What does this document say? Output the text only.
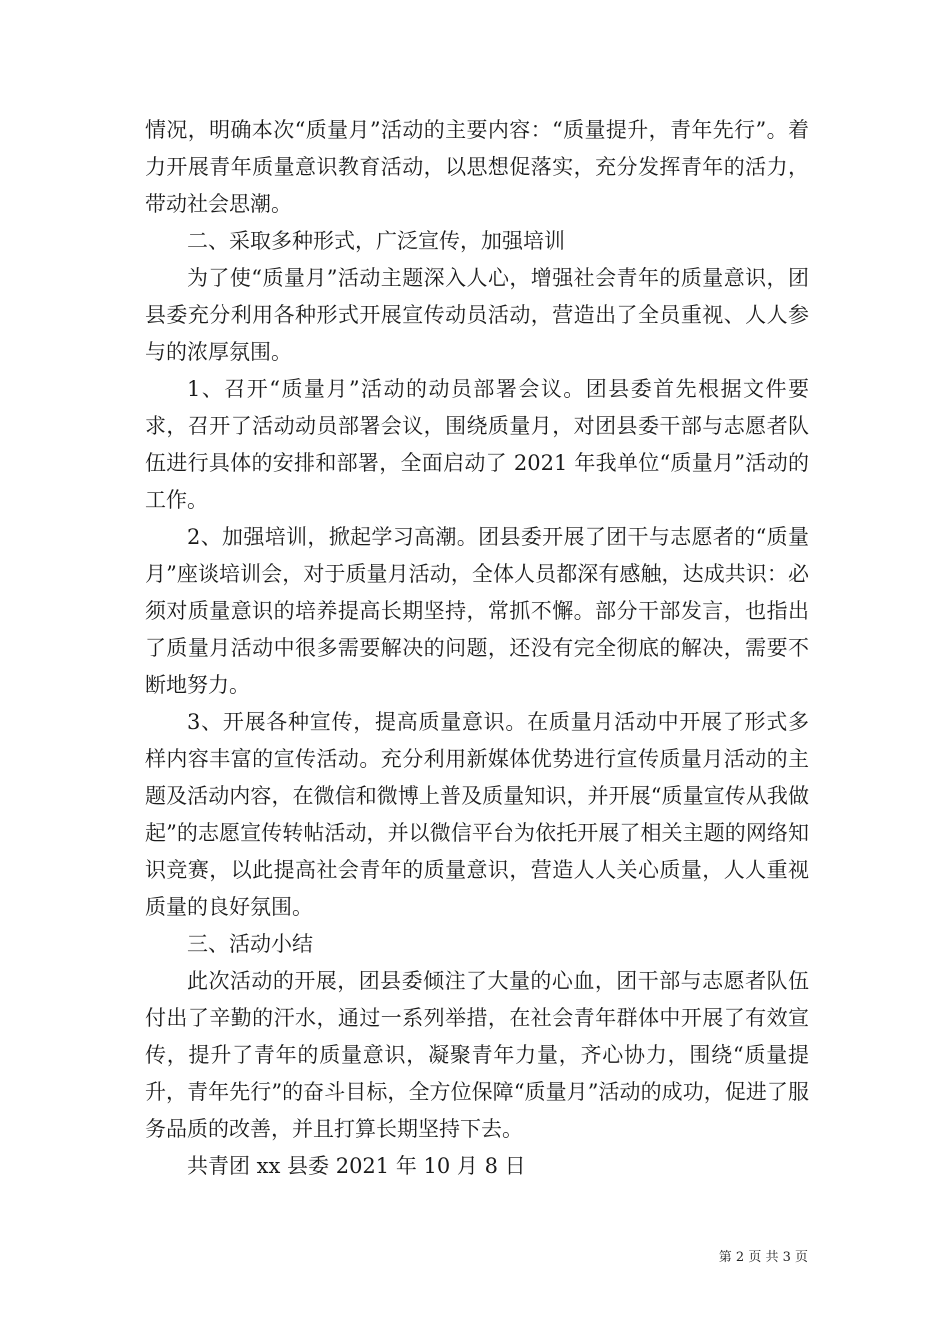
情况，明确本次“质量月”活动的主要内容：“质量提升，青年先行”。着力开展青年质量意识教育活动，以思想促落实，充分发挥青年的活力，带动社会思潮。

二、采取多种形式，广泛宣传，加强培训

为了使“质量月”活动主题深入人心，增强社会青年的质量意识，团县委充分利用各种形式开展宣传动员活动，营造出了全员重视、人人参与的浓厚氛围。

1、召开“质量月”活动的动员部署会议。团县委首先根据文件要求，召开了活动动员部署会议，围绕质量月，对团县委干部与志愿者队伍进行具体的安排和部署，全面启动了 2021 年我单位“质量月”活动的工作。

2、加强培训，掀起学习高潮。团县委开展了团干与志愿者的“质量月”座谈培训会，对于质量月活动，全体人员都深有感触，达成共识：必须对质量意识的培养提高长期坚持，常抓不懈。部分干部发言，也指出了质量月活动中很多需要解决的问题，还没有完全彻底的解决，需要不断地努力。

3、开展各种宣传，提高质量意识。在质量月活动中开展了形式多样内容丰富的宣传活动。充分利用新媒体优势进行宣传质量月活动的主题及活动内容，在微信和微博上普及质量知识，并开展“质量宣传从我做起”的志愿宣传转帖活动，并以微信平台为依托开展了相关主题的网络知识竞赛，以此提高社会青年的质量意识，营造人人关心质量，人人重视质量的良好氛围。

三、活动小结

此次活动的开展，团县委倾注了大量的心血，团干部与志愿者队伍付出了辛勤的汗水，通过一系列举措，在社会青年群体中开展了有效宣传，提升了青年的质量意识，凝聚青年力量，齐心协力，围绕“质量提升，青年先行”的奋斗目标，全方位保障“质量月”活动的成功，促进了服务品质的改善，并且打算长期坚持下去。

共青团 xx 县委 2021 年 10 月 8 日

第 2 页 共 3 页
